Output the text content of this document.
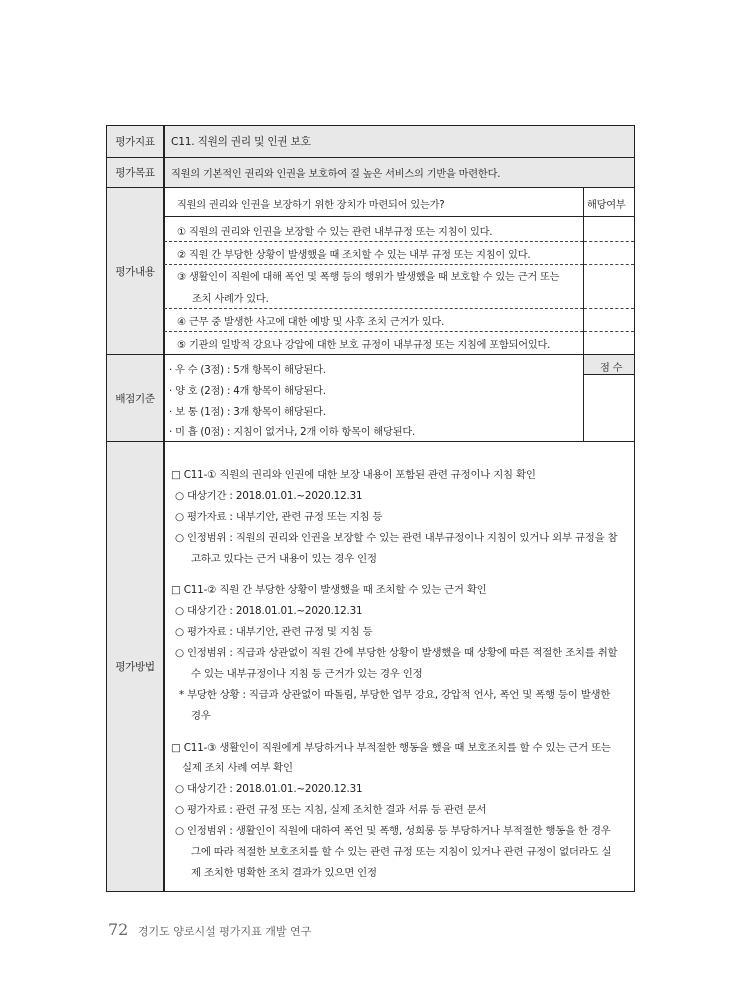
평가지표
평가목표
평가내용
배점기준
평가방법
C11. 직원의 권리 및 인권 보호
직원의 기본적인 권리와 인권을 보호하여 질 높은 서비스의 기반을 마련한다.
직원의 권리와 인권을 보장하기 위한 장치가 마련되어 있는가?	해당여부
① 직원의 권리와 인권을 보장할 수 있는 관련 내부규정 또는 지침이 있다.
② 직원 간 부당한 상황이 발생했을 때 조치할 수 있는 내부 규정 또는 지침이 있다.
③ 생활인이 직원에 대해 폭언 및 폭행 등의 행위가 발생했을 때 보호할 수 있는 근거 또는
조치 사례가 있다.
④ 근무 중 발생한 사고에 대한 예방 및 사후 조치 근거가 있다.
⑤ 기관의 일방적 강요나 강압에 대한 보호 규정이 내부규정 또는 지침에 포함되어있다.
점 수
· 우 수 (3점) : 5개 항목이 해당된다.
· 양 호 (2점) : 4개 항목이 해당된다.
· 보 통 (1점) : 3개 항목이 해당된다.
· 미 흡 (0점) : 지침이 없거나, 2개 이하 항목이 해당된다.
□ C11-① 직원의 권리와 인권에 대한 보장 내용이 포함된 관련 규정이나 지침 확인
○ 대상기간 : 2018.01.01.~2020.12.31
○ 평가자료 : 내부기안, 관련 규정 또는 지침 등
○ 인정범위 : 직원의 권리와 인권을 보장할 수 있는 관련 내부규정이나 지침이 있거나 외부 규정을 참
고하고 있다는 근거 내용이 있는 경우 인정
□ C11-② 직원 간 부당한 상황이 발생했을 때 조치할 수 있는 근거 확인
○ 대상기간 : 2018.01.01.~2020.12.31
○ 평가자료 : 내부기안, 관련 규정 및 지침 등
○ 인정범위 : 직급과 상관없이 직원 간에 부당한 상황이 발생했을 때 상황에 따른 적절한 조치를 취할
수 있는 내부규정이나 지침 등 근거가 있는 경우 인정
* 부당한 상황 : 직급과 상관없이 따돌림, 부당한 업무 강요, 강압적 언사, 폭언 및 폭행 등이 발생한
경우
□ C11-③ 생활인이 직원에게 부당하거나 부적절한 행동을 했을 때 보호조치를 할 수 있는 근거 또는
실제 조치 사례 여부 확인
○ 대상기간 : 2018.01.01.~2020.12.31
○ 평가자료 : 관련 규정 또는 지침, 실제 조치한 결과 서류 등 관련 문서
○ 인정범위 : 생활인이 직원에 대하여 폭언 및 폭행, 성희롱 등 부당하거나 부적절한 행동을 한 경우
그에 따라 적절한 보호조치를 할 수 있는 관련 규정 또는 지침이 있거나 관련 규정이 없더라도 실
제 조치한 명확한 조치 결과가 있으면 인정
72 경기도 양로시설 평가지표 개발 연구
